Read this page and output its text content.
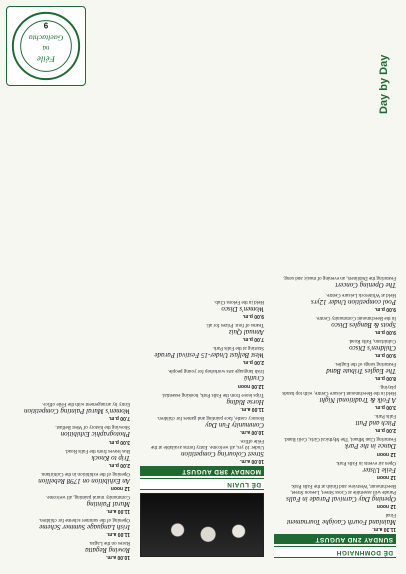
DÉ DOMHNAIGH
SUNDAY 2ND AUGUST
11.30 a.m.
Mainland Fourth Caoighe Tournament
Final
12 noon
Opening Day Carnival Parade in Falls
Parade will assemble at Cross Street, Leeson Street, Beechmount, Westview and finish at the Falls Park.
12 noon
Feile Ulster
Open air events in Falls Park.
12 noon
Dance in the Park
Featuring Clan Mhaol, The Mythical Girls, Ceili Band.
2.00 p.m.
Pitch and Putt
Falls Park.
3.00 p.m.
A Folk & Traditional Night
Held in the Beechmount Leisure Centre, with top bands playing.
8.00 p.m.
The Eagles Tribute Band
Featuring songs of the Eagles.
9.00 p.m.
Children's Disco
Cultúrlann, Falls Road.
9.00 p.m.
Spots & Bangles Disco
In the Beechmount Community Centre.
9.00 p.m.
Pool competition Under 12yrs
Held at Whiterock Leisure Centre.
The Opening Concert
Featuring the Dubliners, an evening of music and song.
DÉ LUAIN
MONDAY 3RD AUGUST
10.00 a.m.
Street Colouring Competition
Under 10 yrs, all welcome. Entry forms available at the Féile office.
10.00 a.m.
Community Fun Day
Bouncy castle, face painting and games for children.
11.00 a.m.
Horse Riding
Trips leave from the Falls Park, booking essential.
12.00 noon
Cruthú
Irish language arts workshop for young people.
2.00 p.m.
West Belfast Under-15 Festival Parade
Starting at the Falls Park.
7.00 p.m.
Annual Quiz
Teams of four. Prizes for all.
9.00 p.m.
Women's Disco
Held in the Felons Club.
10.00 a.m.
Rowing Regatta
Races on the Lagan.
11.00 a.m.
Irish Language Summer Scheme
Opening of the summer scheme for children.
11.00 a.m.
Mural Painting
Community mural painting, all welcome.
12 noon
An Exhibition on 1798 Rebellion
Opening of the exhibition in the Cultúrlann.
2.00 p.m.
Trip to Knock
Bus leaves from the Falls Road.
3.00 p.m.
Photographic Exhibition
Showing the history of West Belfast.
7.00 p.m.
Women's Mural Painting Competition
Entry by arrangement with the Féile office.
Day by Day
Féile
na
Gaeltachta
9
